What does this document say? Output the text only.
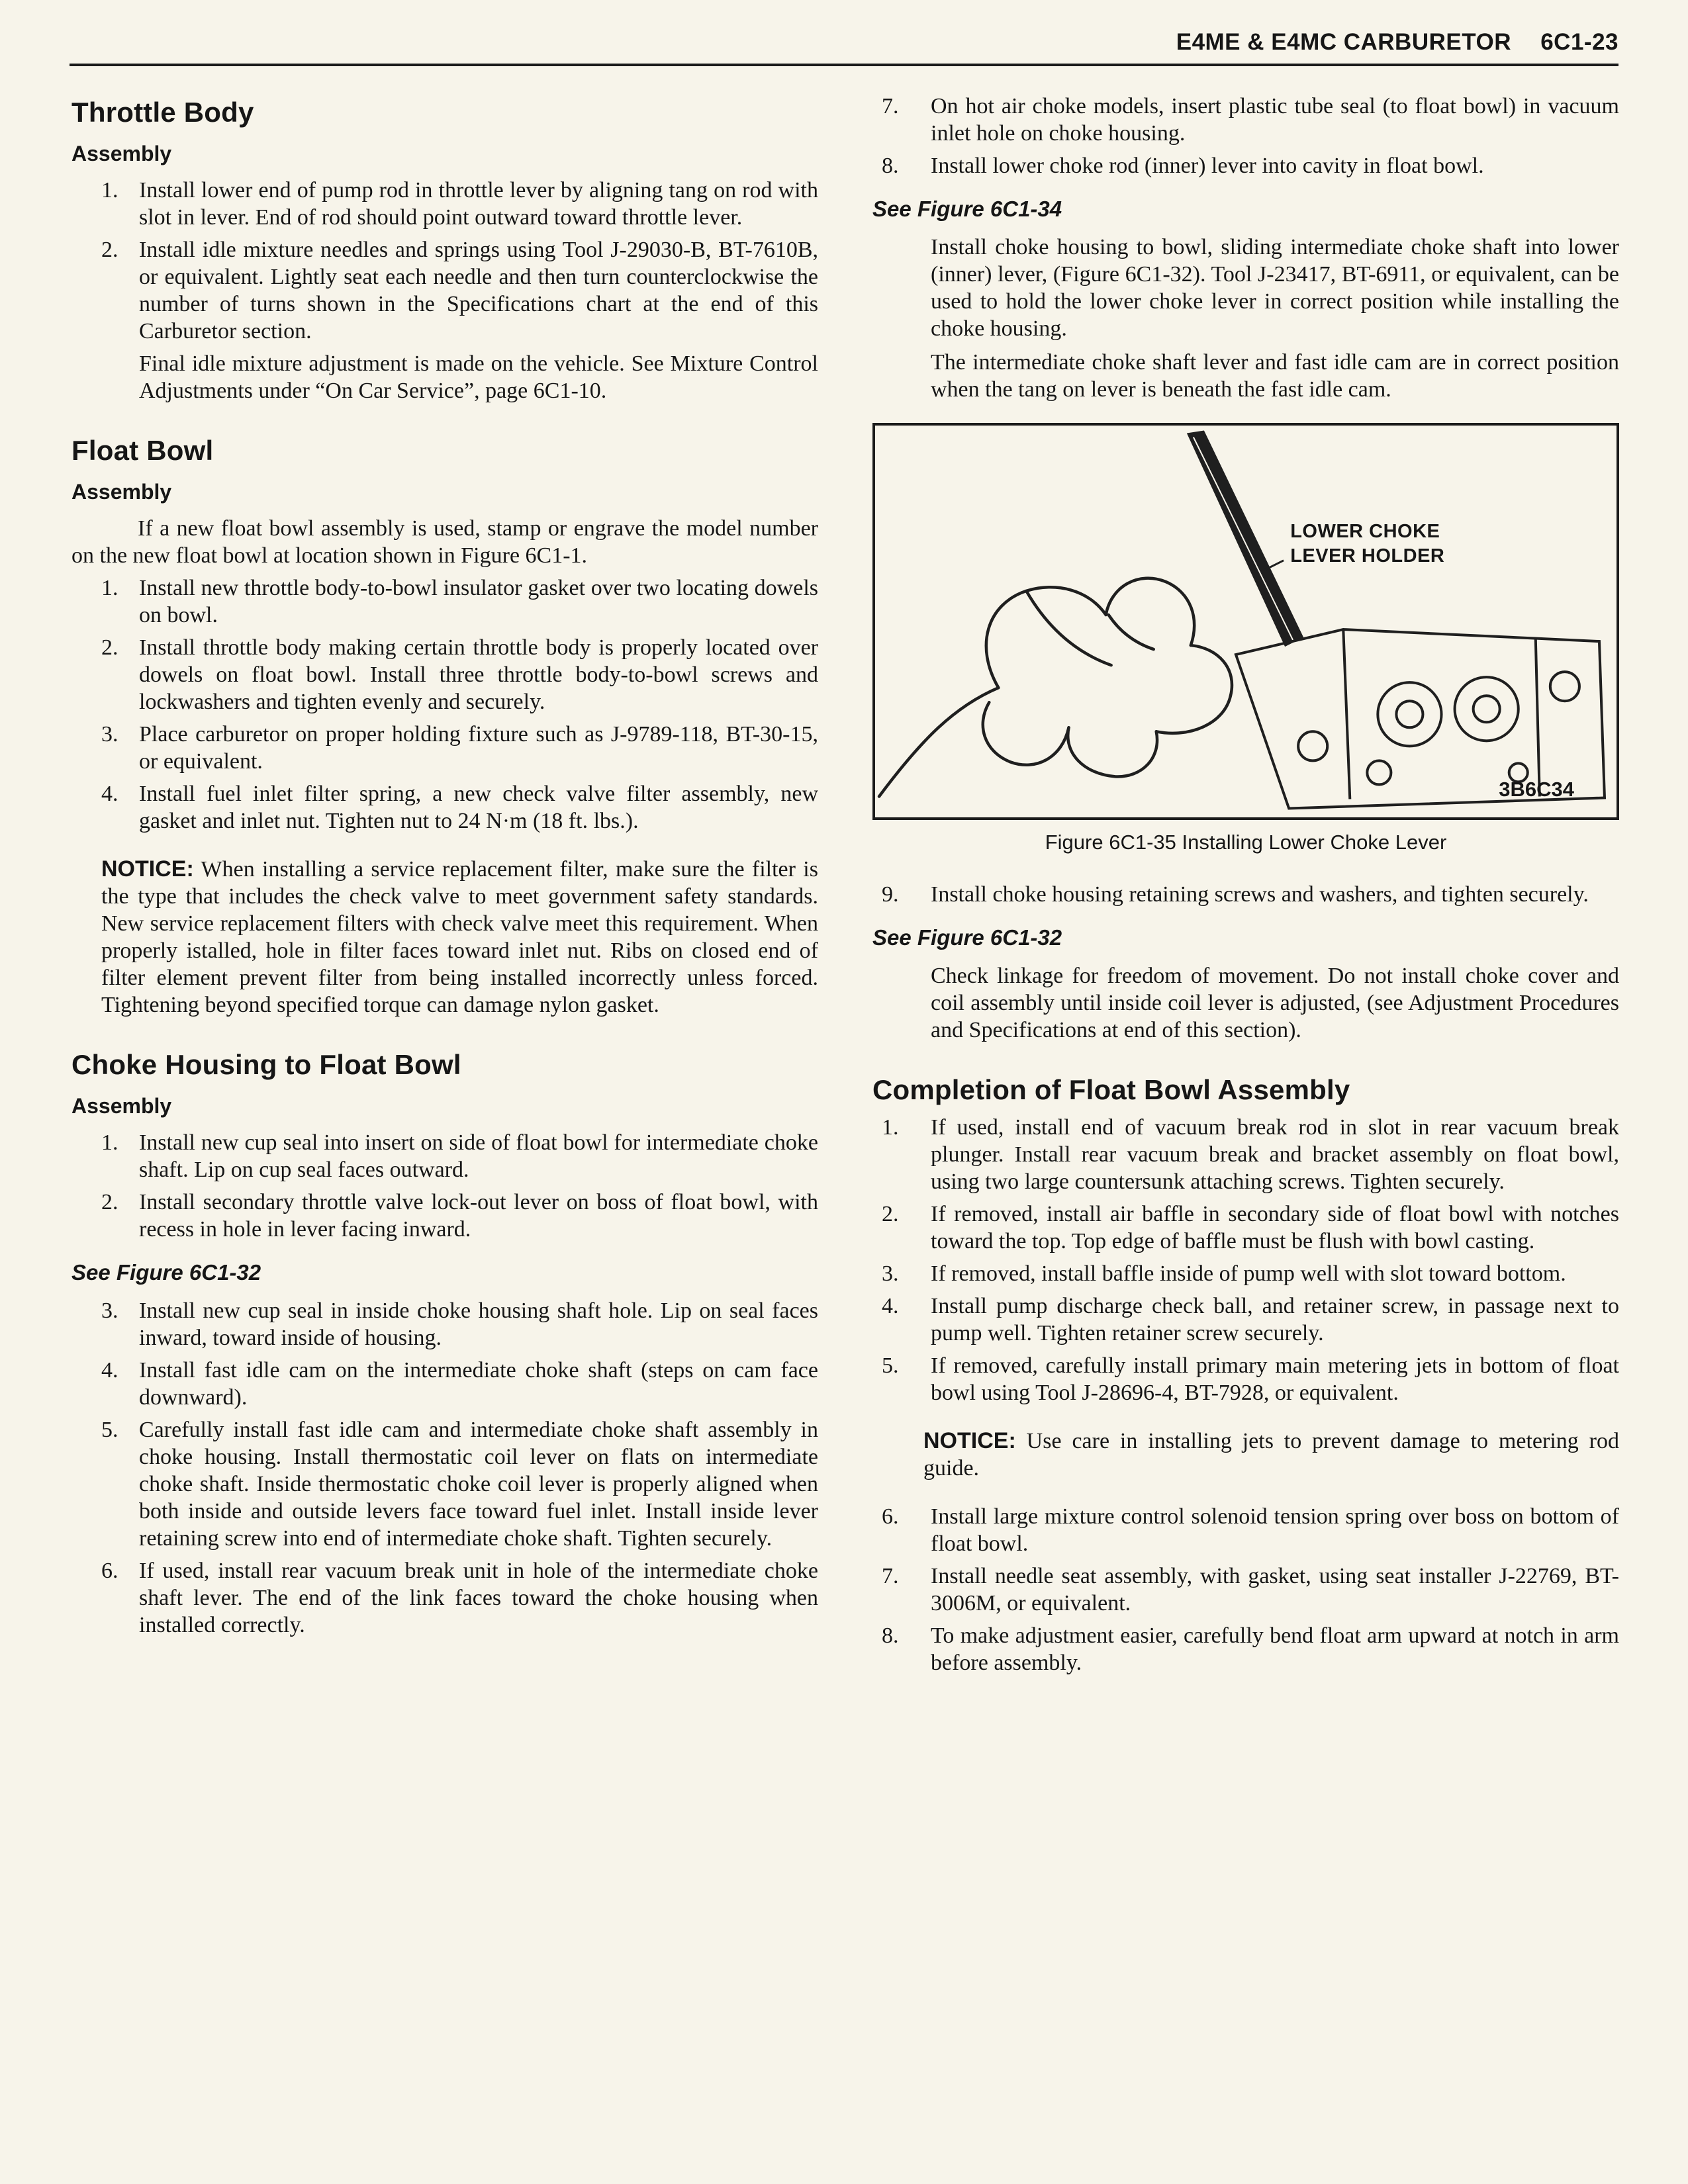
E4ME & E4MC CARBURETOR 6C1-23
Throttle Body
Assembly
1. Install lower end of pump rod in throttle lever by aligning tang on rod with slot in lever. End of rod should point outward toward throttle lever.
2. Install idle mixture needles and springs using Tool J-29030-B, BT-7610B, or equivalent. Lightly seat each needle and then turn counterclockwise the number of turns shown in the Specifications chart at the end of this Carburetor section.
Final idle mixture adjustment is made on the vehicle. See Mixture Control Adjustments under “On Car Service”, page 6C1-10.
Float Bowl
Assembly

If a new float bowl assembly is used, stamp or engrave the model number on the new float bowl at location shown in Figure 6C1-1.

1. Install new throttle body-to-bowl insulator gasket over two locating dowels on bowl.
2. Install throttle body making certain throttle body is properly located over dowels on float bowl. Install three throttle body-to-bowl screws and lockwashers and tighten evenly and securely.
3. Place carburetor on proper holding fixture such as J-9789-118, BT-30-15, or equivalent.
4. Install fuel inlet filter spring, a new check valve filter assembly, new gasket and inlet nut. Tighten nut to 24 N·m (18 ft. lbs.).

NOTICE: When installing a service replacement filter, make sure the filter is the type that includes the check valve to meet government safety standards. New service replacement filters with check valve meet this requirement. When properly istalled, hole in filter faces toward inlet nut. Ribs on closed end of filter element prevent filter from being installed incorrectly unless forced. Tightening beyond specified torque can damage nylon gasket.

Choke Housing to Float Bowl
Assembly
1. Install new cup seal into insert on side of float bowl for intermediate choke shaft. Lip on cup seal faces outward.
2. Install secondary throttle valve lock-out lever on boss of float bowl, with recess in hole in lever facing inward.
See Figure 6C1-32
3. Install new cup seal in inside choke housing shaft hole. Lip on seal faces inward, toward inside of housing.
4. Install fast idle cam on the intermediate choke shaft (steps on cam face downward).
5. Carefully install fast idle cam and intermediate choke shaft assembly in choke housing. Install thermostatic coil lever on flats on intermediate choke shaft. Inside thermostatic choke coil lever is properly aligned when both inside and outside levers face toward fuel inlet. Install inside lever retaining screw into end of intermediate choke shaft. Tighten securely.
6. If used, install rear vacuum break unit in hole of the intermediate choke shaft lever. The end of the link faces toward the choke housing when installed correctly.
7. On hot air choke models, insert plastic tube seal (to float bowl) in vacuum inlet hole on choke housing.
8. Install lower choke rod (inner) lever into cavity in float bowl.
See Figure 6C1-34
Install choke housing to bowl, sliding intermediate choke shaft into lower (inner) lever, (Figure 6C1-32). Tool J-23417, BT-6911, or equivalent, can be used to hold the lower choke lever in correct position while installing the choke housing.
The intermediate choke shaft lever and fast idle cam are in correct position when the tang on lever is beneath the fast idle cam.
LOWER CHOKE
LEVER HOLDER
3B6C34
Figure 6C1-35 Installing Lower Choke Lever
9. Install choke housing retaining screws and washers, and tighten securely.
See Figure 6C1-32
Check linkage for freedom of movement. Do not install choke cover and coil assembly until inside coil lever is adjusted, (see Adjustment Procedures and Specifications at end of this section).
Completion of Float Bowl Assembly
1. If used, install end of vacuum break rod in slot in rear vacuum break plunger. Install rear vacuum break and bracket assembly on float bowl, using two large countersunk attaching screws. Tighten securely.
2. If removed, install air baffle in secondary side of float bowl with notches toward the top. Top edge of baffle must be flush with bowl casting.
3. If removed, install baffle inside of pump well with slot toward bottom.
4. Install pump discharge check ball, and retainer screw, in passage next to pump well. Tighten retainer screw securely.
5. If removed, carefully install primary main metering jets in bottom of float bowl using Tool J-28696-4, BT-7928, or equivalent.

NOTICE: Use care in installing jets to prevent damage to metering rod guide.

6. Install large mixture control solenoid tension spring over boss on bottom of float bowl.
7. Install needle seat assembly, with gasket, using seat installer J-22769, BT-3006M, or equivalent.
8. To make adjustment easier, carefully bend float arm upward at notch in arm before assembly.
